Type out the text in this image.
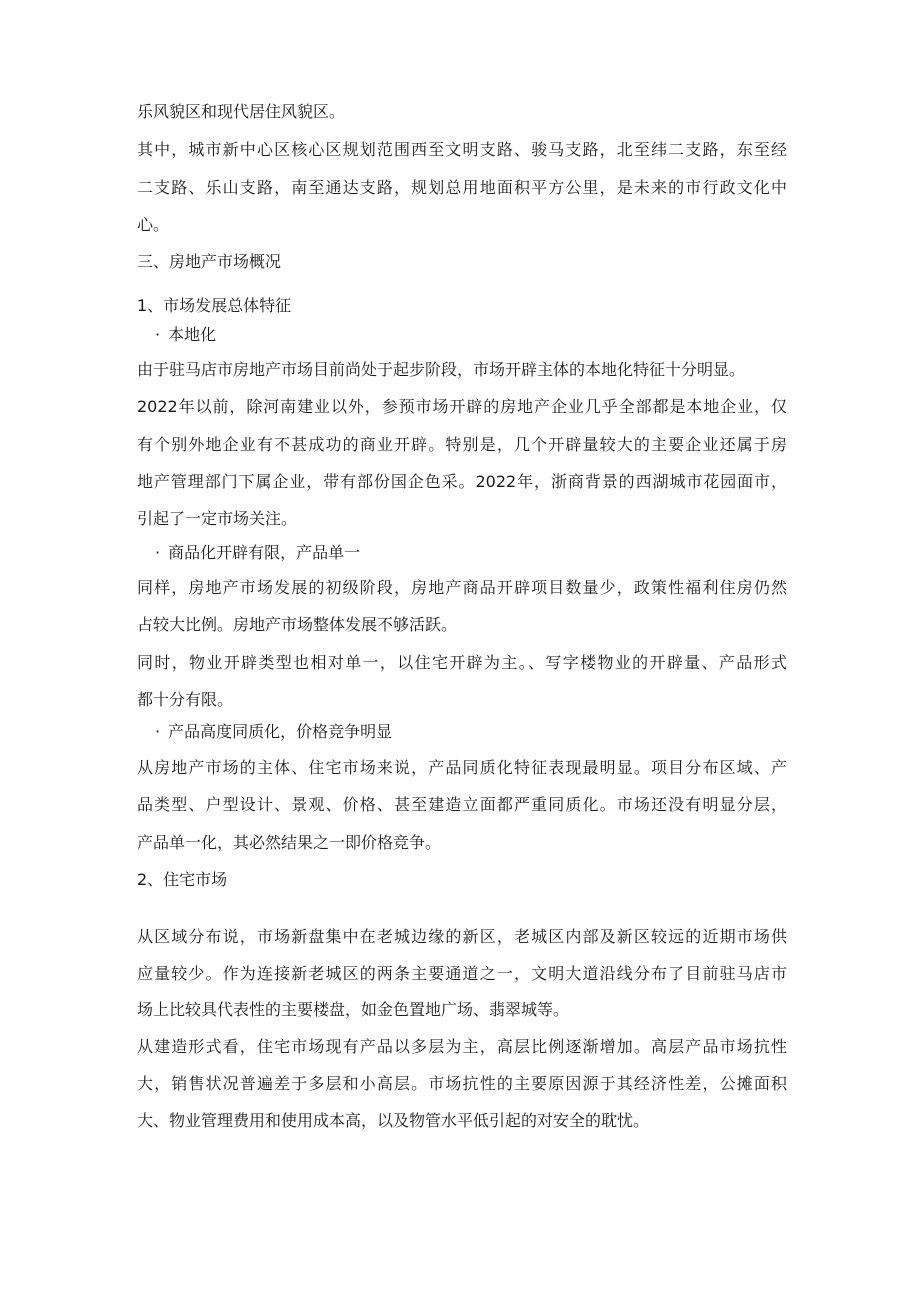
乐风貌区和现代居住风貌区。
其中，城市新中心区核心区规划范围西至文明支路、骏马支路，北至纬二支路，东至经
二支路、乐山支路，南至通达支路，规划总用地面积平方公里，是未来的市行政文化中
心。
三、房地产市场概况
1、市场发展总体特征
· 本地化
由于驻马店市房地产市场目前尚处于起步阶段，市场开辟主体的本地化特征十分明显。
2022年以前，除河南建业以外，参预市场开辟的房地产企业几乎全部都是本地企业，仅
有个别外地企业有不甚成功的商业开辟。特别是，几个开辟量较大的主要企业还属于房
地产管理部门下属企业，带有部份国企色采。2022年，浙商背景的西湖城市花园面市，
引起了一定市场关注。
· 商品化开辟有限，产品单一
同样，房地产市场发展的初级阶段，房地产商品开辟项目数量少，政策性福利住房仍然
占较大比例。房地产市场整体发展不够活跃。
同时，物业开辟类型也相对单一，以住宅开辟为主。、写字楼物业的开辟量、产品形式
都十分有限。
· 产品高度同质化，价格竞争明显
从房地产市场的主体、住宅市场来说，产品同质化特征表现最明显。项目分布区域、产
品类型、户型设计、景观、价格、甚至建造立面都严重同质化。市场还没有明显分层，
产品单一化，其必然结果之一即价格竞争。
2、住宅市场
从区域分布说，市场新盘集中在老城边缘的新区，老城区内部及新区较远的近期市场供
应量较少。作为连接新老城区的两条主要通道之一，文明大道沿线分布了目前驻马店市
场上比较具代表性的主要楼盘，如金色置地广场、翡翠城等。
从建造形式看，住宅市场现有产品以多层为主，高层比例逐渐增加。高层产品市场抗性
大，销售状况普遍差于多层和小高层。市场抗性的主要原因源于其经济性差，公摊面积
大、物业管理费用和使用成本高，以及物管水平低引起的对安全的耽忧。
